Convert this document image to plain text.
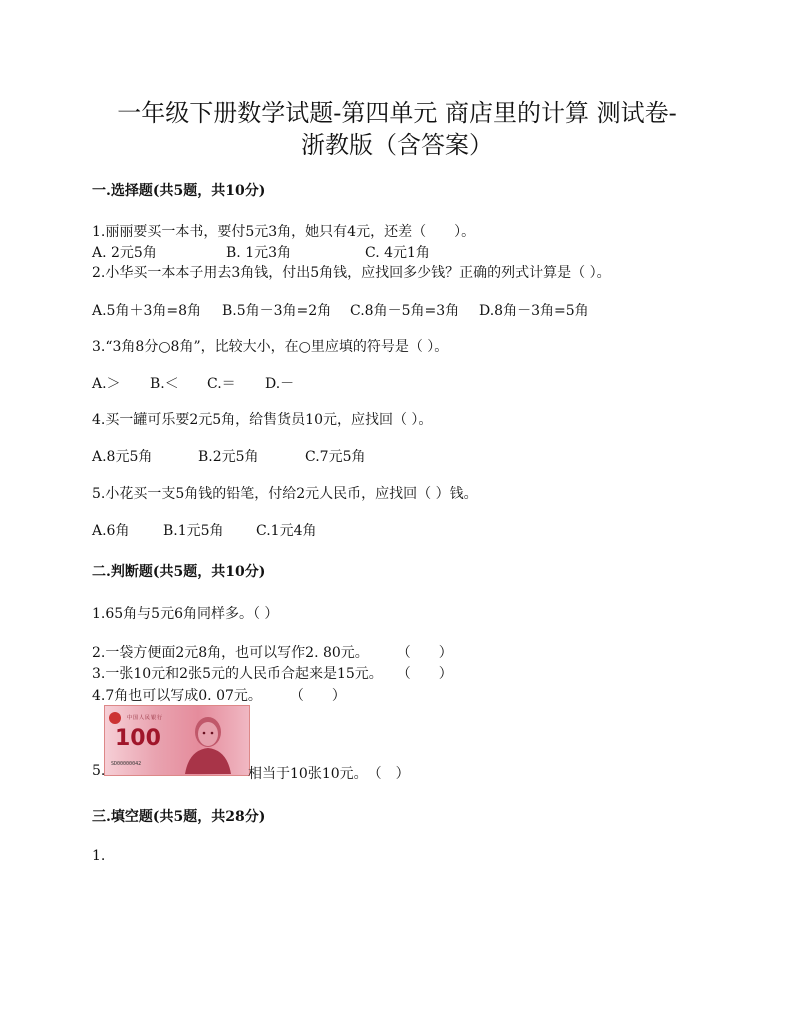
一年级下册数学试题-第四单元 商店里的计算 测试卷-
浙教版（含答案）
一.选择题(共5题，共10分)
1.丽丽要买一本书，要付5元3角，她只有4元，还差（　　）。
A. 2元5角	B. 1元3角	C. 4元1角
2.小华买一本本子用去3角钱，付出5角钱，应找回多少钱？正确的列式计算是（ ）。
A.5角＋3角=8角 B.5角－3角=2角 C.8角－5角=3角 D.8角－3角=5角
3.“3角8分○8角”，比较大小，在○里应填的符号是（ ）。
A.＞ B.＜ C.＝ D.－
4.买一罐可乐要2元5角，给售货员10元，应找回（ ）。
A.8元5角	B.2元5角	C.7元5角
5.小花买一支5角钱的铅笔，付给2元人民币，应找回（ ）钱。
A.6角 B.1元5角 C.1元4角
二.判断题(共5题，共10分)
1.65角与5元6角同样多。（ ）
2.一袋方便面2元8角，也可以写作2. 80元。　　　（　　）
3.一张10元和2张5元的人民币合起来是15元。　　（　　）
4.7角也可以写成0. 07元。　　　（　　）
中国人民银行
100
SD00000042
5.	相当于10张10元。　（　）
三.填空题(共5题，共28分)
1.
